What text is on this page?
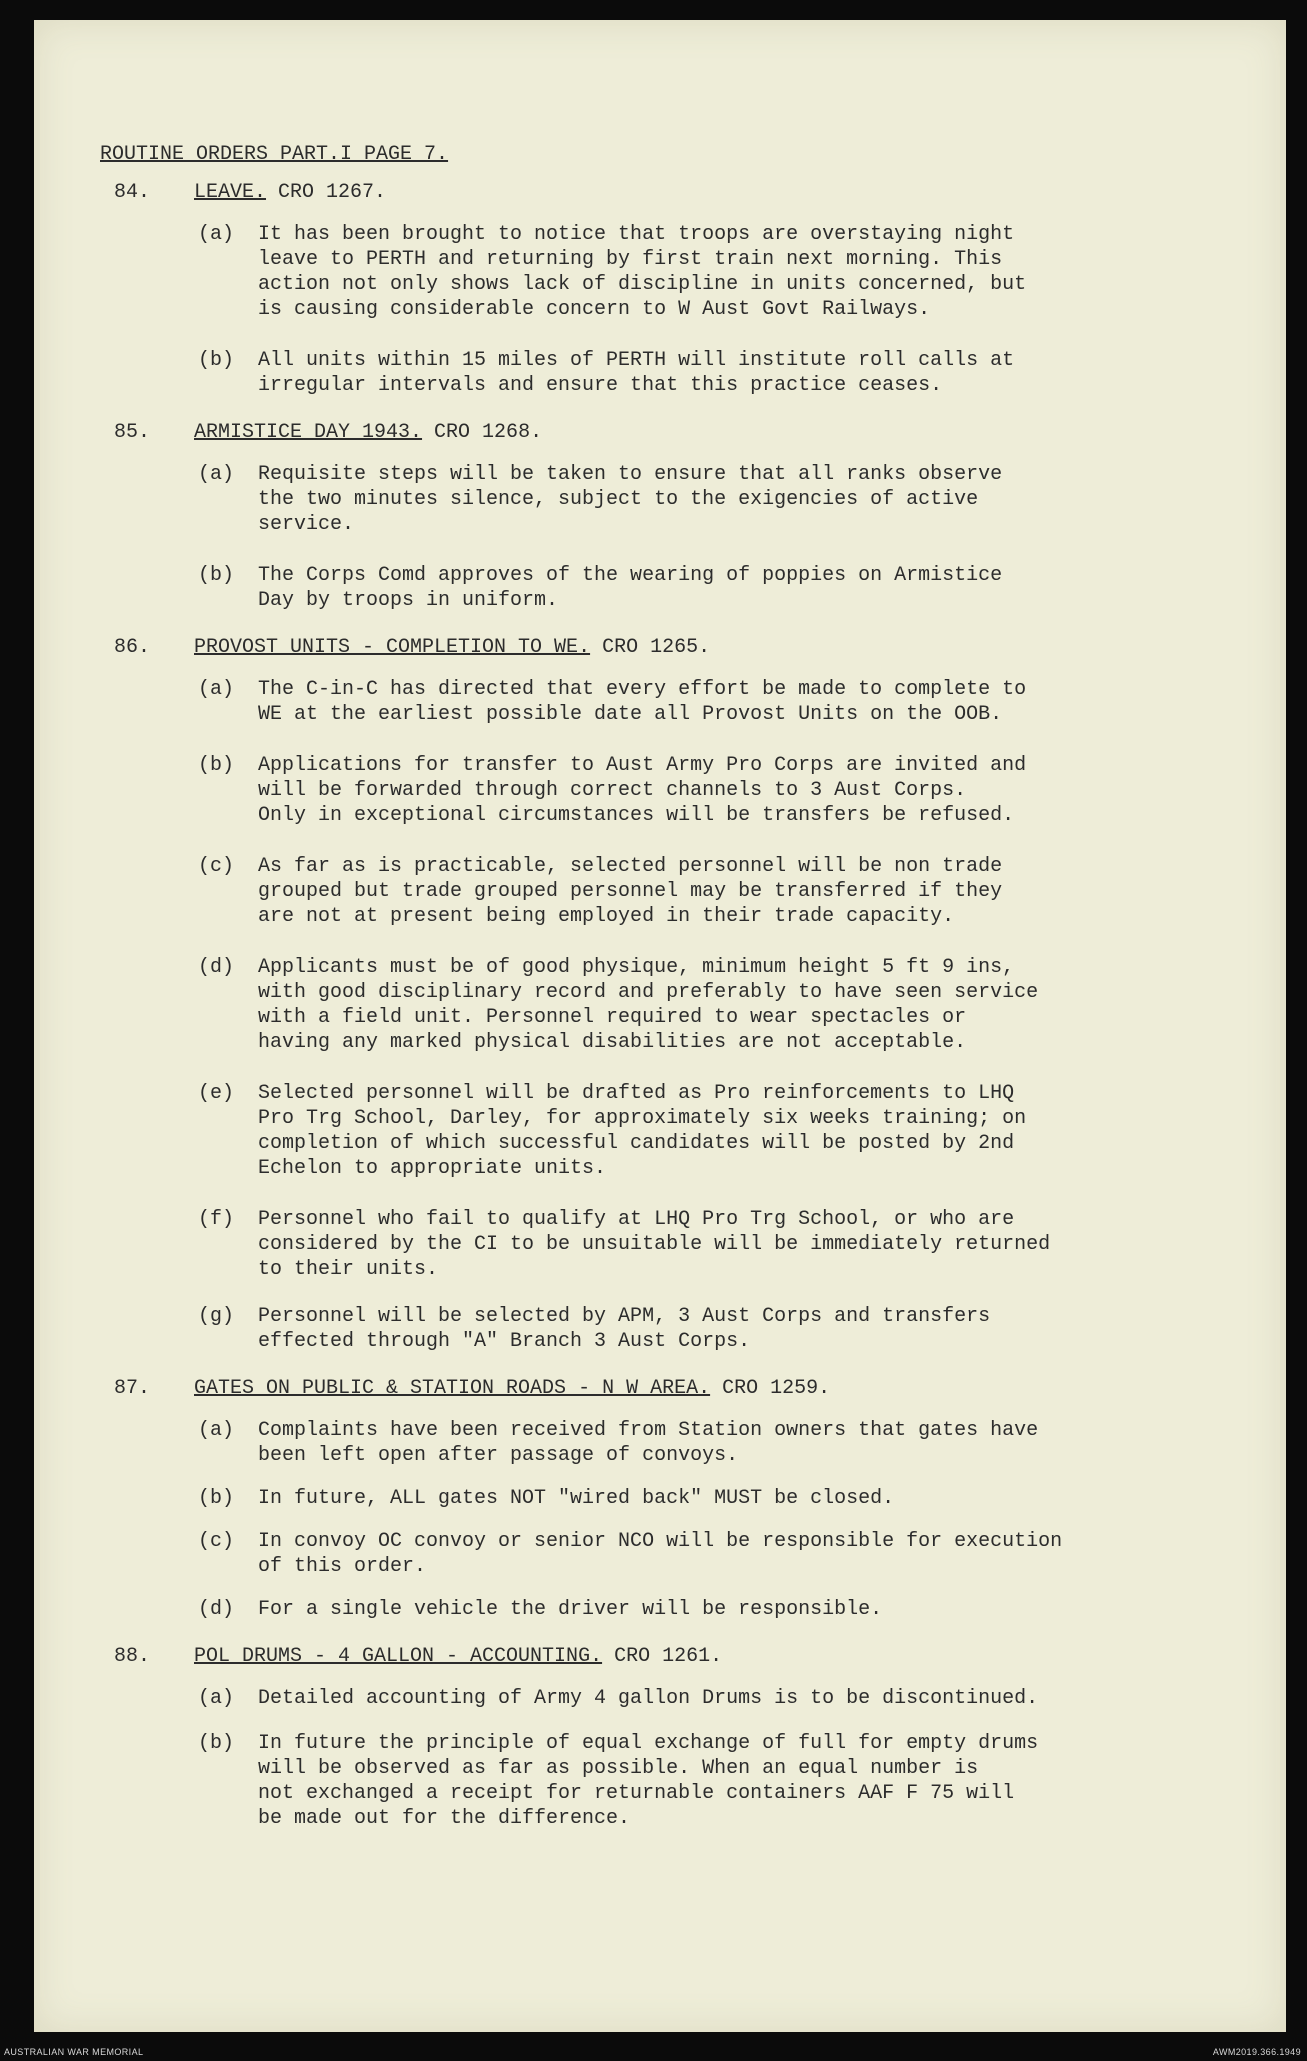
ROUTINE ORDERS PART.I PAGE 7.
84. LEAVE. CRO 1267.
(a) It has been brought to notice that troops are overstaying night
leave to PERTH and returning by first train next morning. This
action not only shows lack of discipline in units concerned, but
is causing considerable concern to W Aust Govt Railways.
(b) All units within 15 miles of PERTH will institute roll calls at
irregular intervals and ensure that this practice ceases.
85. ARMISTICE DAY 1943. CRO 1268.
(a) Requisite steps will be taken to ensure that all ranks observe
the two minutes silence, subject to the exigencies of active
service.
(b) The Corps Comd approves of the wearing of poppies on Armistice
Day by troops in uniform.
86. PROVOST UNITS - COMPLETION TO WE. CRO 1265.
(a) The C-in-C has directed that every effort be made to complete to
WE at the earliest possible date all Provost Units on the OOB.
(b) Applications for transfer to Aust Army Pro Corps are invited and
will be forwarded through correct channels to 3 Aust Corps.
Only in exceptional circumstances will be transfers be refused.
(c) As far as is practicable, selected personnel will be non trade
grouped but trade grouped personnel may be transferred if they
are not at present being employed in their trade capacity.
(d) Applicants must be of good physique, minimum height 5 ft 9 ins,
with good disciplinary record and preferably to have seen service
with a field unit. Personnel required to wear spectacles or
having any marked physical disabilities are not acceptable.
(e) Selected personnel will be drafted as Pro reinforcements to LHQ
Pro Trg School, Darley, for approximately six weeks training; on
completion of which successful candidates will be posted by 2nd
Echelon to appropriate units.
(f) Personnel who fail to qualify at LHQ Pro Trg School, or who are
considered by the CI to be unsuitable will be immediately returned
to their units.
(g) Personnel will be selected by APM, 3 Aust Corps and transfers
effected through "A" Branch 3 Aust Corps.
87. GATES ON PUBLIC & STATION ROADS - N W AREA. CRO 1259.
(a) Complaints have been received from Station owners that gates have
been left open after passage of convoys.
(b) In future, ALL gates NOT "wired back" MUST be closed.
(c) In convoy OC convoy or senior NCO will be responsible for execution
of this order.
(d) For a single vehicle the driver will be responsible.
88. POL DRUMS - 4 GALLON - ACCOUNTING. CRO 1261.
(a) Detailed accounting of Army 4 gallon Drums is to be discontinued.
(b) In future the principle of equal exchange of full for empty drums
will be observed as far as possible. When an equal number is
not exchanged a receipt for returnable containers AAF F 75 will
be made out for the difference.
AUSTRALIAN WAR MEMORIAL	AWM2019.366.1949
